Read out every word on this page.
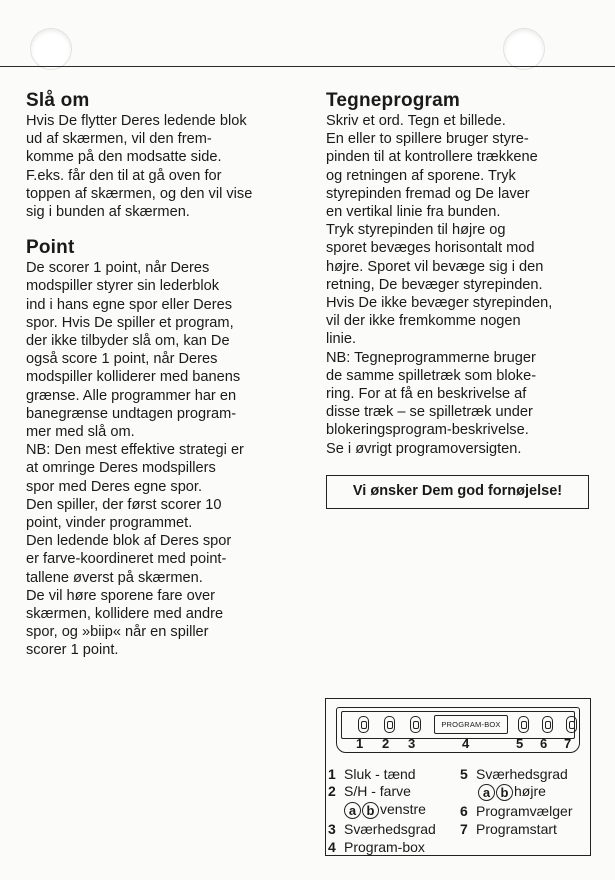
Slå om

Hvis De flytter Deres ledende blok
ud af skærmen, vil den frem-
komme på den modsatte side.
F.eks. får den til at gå oven for
toppen af skærmen, og den vil vise
sig i bunden af skærmen.

Point

De scorer 1 point, når Deres
modspiller styrer sin lederblok
ind i hans egne spor eller Deres
spor. Hvis De spiller et program,
der ikke tilbyder slå om, kan De
også score 1 point, når Deres
modspiller kolliderer med banens
grænse. Alle programmer har en
banegrænse undtagen program-
mer med slå om.
NB: Den mest effektive strategi er
at omringe Deres modspillers
spor med Deres egne spor.
Den spiller, der først scorer 10
point, vinder programmet.
Den ledende blok af Deres spor
er farve-koordineret med point-
tallene øverst på skærmen.
De vil høre sporene fare over
skærmen, kollidere med andre
spor, og »biip« når en spiller
scorer 1 point.

Tegneprogram

Skriv et ord. Tegn et billede.
En eller to spillere bruger styre-
pinden til at kontrollere trækkene
og retningen af sporene. Tryk
styrepinden fremad og De laver
en vertikal linie fra bunden.
Tryk styrepinden til højre og
sporet bevæges horisontalt mod
højre. Sporet vil bevæge sig i den
retning, De bevæger styrepinden.
Hvis De ikke bevæger styrepinden,
vil der ikke fremkomme nogen
linie.
NB: Tegneprogrammerne bruger
de samme spilletræk som bloke-
ring. For at få en beskrivelse af
disse træk – se spilletræk under
blokeringsprogram-beskrivelse.
Se i øvrigt programoversigten.

Vi ønsker Dem god fornøjelse!
PROGRAM-BOX
1 2 3	4	5 6 7
1 Sluk - tænd
2 S/H - farve
a b venstre
3 Sværhedsgrad
4 Program-box
5 Sværhedsgrad
a b højre
6 Programvælger
7 Programstart
